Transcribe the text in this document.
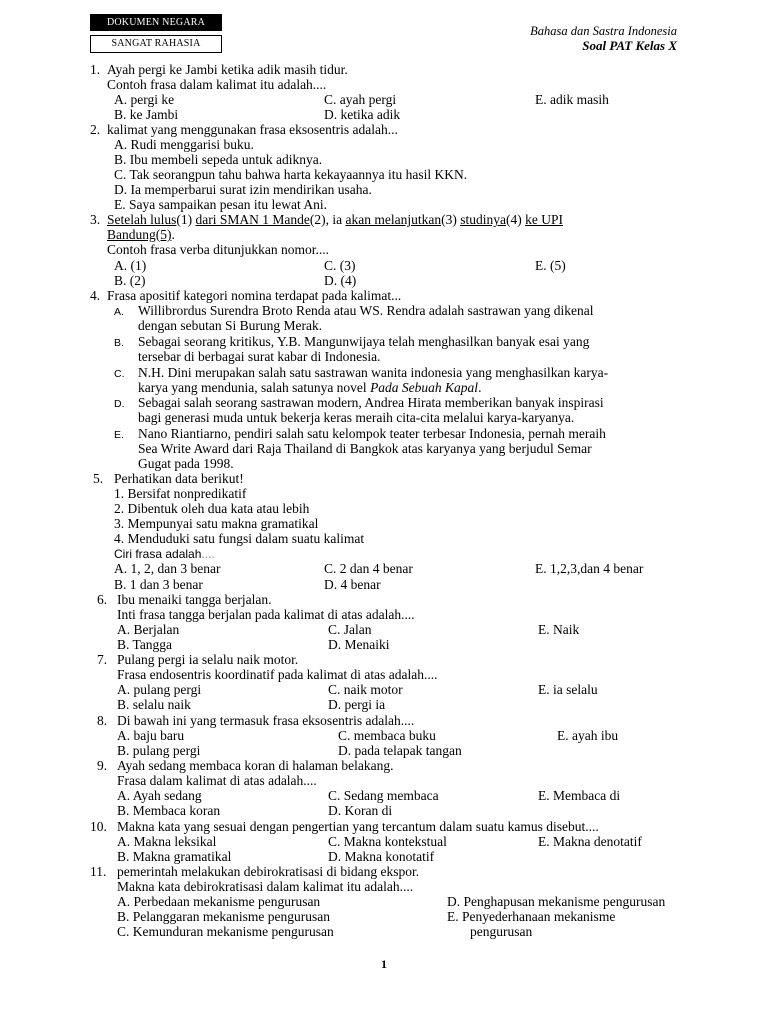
DOKUMEN NEGARA
SANGAT RAHASIA
Bahasa dan Sastra Indonesia
Soal PAT Kelas X
1. Ayah pergi ke Jambi ketika adik masih tidur.
Contoh frasa dalam kalimat itu adalah....
A. pergi ke
B. ke Jambi
C. ayah pergi
D. ketika adik
E. adik masih
2. kalimat yang menggunakan frasa eksosentris adalah...
A. Rudi menggarisi buku.
B. Ibu membeli sepeda untuk adiknya.
C. Tak seorangpun tahu bahwa harta kekayaannya itu hasil KKN.
D. Ia memperbarui surat izin mendirikan usaha.
E. Saya sampaikan pesan itu lewat Ani.
3. Setelah lulus(1) dari SMAN 1 Mande(2), ia akan melanjutkan(3) studinya(4) ke UPI
Bandung(5).
Contoh frasa verba ditunjukkan nomor....
A. (1)
B. (2)
C. (3)
D. (4)
E. (5)
4. Frasa apositif kategori nomina terdapat pada kalimat...
A. Willibrordus Surendra Broto Renda atau WS. Rendra adalah sastrawan yang dikenal
dengan sebutan Si Burung Merak.
B. Sebagai seorang kritikus, Y.B. Mangunwijaya telah menghasilkan banyak esai yang
tersebar di berbagai surat kabar di Indonesia.
C. N.H. Dini merupakan salah satu sastrawan wanita indonesia yang menghasilkan karya-
karya yang mendunia, salah satunya novel Pada Sebuah Kapal.
D. Sebagai salah seorang sastrawan modern, Andrea Hirata memberikan banyak inspirasi
bagi generasi muda untuk bekerja keras meraih cita-cita melalui karya-karyanya.
E. Nano Riantiarno, pendiri salah satu kelompok teater terbesar Indonesia, pernah meraih
Sea Write Award dari Raja Thailand di Bangkok atas karyanya yang berjudul Semar
Gugat pada 1998.
5. Perhatikan data berikut!
1. Bersifat nonpredikatif
2. Dibentuk oleh dua kata atau lebih
3. Mempunyai satu makna gramatikal
4. Menduduki satu fungsi dalam suatu kalimat
Ciri frasa adalah....
A. 1, 2, dan 3 benar
B. 1 dan 3 benar
C. 2 dan 4 benar
D. 4 benar
E. 1,2,3,dan 4 benar
6. Ibu menaiki tangga berjalan.
Inti frasa tangga berjalan pada kalimat di atas adalah....
A. Berjalan
B. Tangga
C. Jalan
D. Menaiki
E. Naik
7. Pulang pergi ia selalu naik motor.
Frasa endosentris koordinatif pada kalimat di atas adalah....
A. pulang pergi
B. selalu naik
C. naik motor
D. pergi ia
E. ia selalu
8. Di bawah ini yang termasuk frasa eksosentris adalah....
A. baju baru
B. pulang pergi
C. membaca buku
D. pada telapak tangan
E. ayah ibu
9. Ayah sedang membaca koran di halaman belakang.
Frasa dalam kalimat di atas adalah....
A. Ayah sedang
B. Membaca koran
C. Sedang membaca
D. Koran di
E. Membaca di
10. Makna kata yang sesuai dengan pengertian yang tercantum dalam suatu kamus disebut....
A. Makna leksikal
B. Makna gramatikal
C. Makna kontekstual
D. Makna konotatif
E. Makna denotatif
11. pemerintah melakukan debirokratisasi di bidang ekspor.
Makna kata debirokratisasi dalam kalimat itu adalah....
A. Perbedaan mekanisme pengurusan
B. Pelanggaran mekanisme pengurusan
C. Kemunduran mekanisme pengurusan
D. Penghapusan mekanisme pengurusan
E. Penyederhanaan mekanisme
pengurusan
1
